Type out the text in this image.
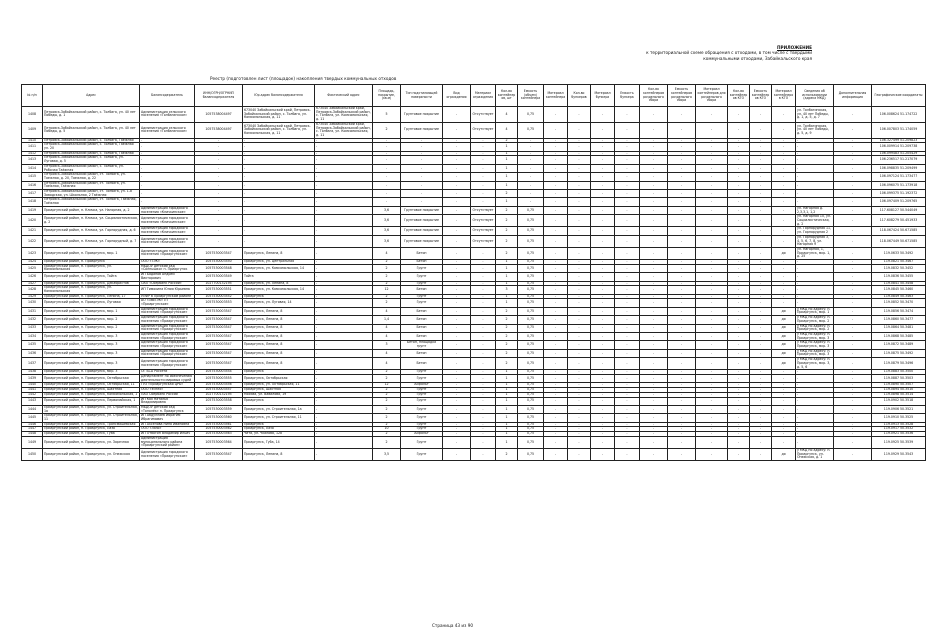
ПРИЛОЖЕНИЕ
к территориальной схеме обращения с отходами, в том числе с твердыми
коммунальными отходами, Забайкальского края
Реестр (подготовлен лист (площадок) накопления твердых коммунальных отходов
№ п/п	Адрес	Балансодержатель	ИНН/ОГРН/ОГРНИП балансодержателя	Юр.адрес балансодержателя	Фактический адрес	Площадь, покрытие, (кв.м)	Тип подстилающей поверхности	Вид ограждения	Материал ограждения	Кол-во контейнеров, шт	Емкость (объем) контейнера	Материал контейнера	Кол-во бункеров	Материал бункера	Емкость бункера	Кол-во контейнеров раздельного сбора	Емкость контейнеров раздельного сбора	Материал контейнеров для раздельного сбора	Кол-во контейнеров КГО	Емкость контейнеров КГО	Материал контейнеров КГО	Сведения об использовании (адреса МКД)	Дополнительная информация	Географические координаты
1408	Петровск-Забайкальский район, с. Толбага, ул. 40 лет Победы, д. 1	Администрация сельского поселения «Толбагинское»	1057538004497	673040 Забайкальский край, Петровск-Забайкальский район, с. Толбага, ул. Комсомольская, д. 11	673040 Забайкальский край, Петровск-Забайкальский район, с. Толбага, ул. Комсомольская, д. 11	5	Грунтовое покрытие	-	Отсутствует	4	0,75	-	-	-	-	-	-	-	-	-	-	ул. Толбагинская, ул. 40 лет Победы, д. 1, д. 5, д. 7	-	106.008624 51.174722
1409	Петровск-Забайкальский район, с. Толбага, ул. 40 лет Победы, д. 5	Администрация сельского поселения «Толбагинское»	1057538004497	673040 Забайкальский край, Петровск-Забайкальский район, с. Толбага, ул. Комсомольская, д. 11	673040 Забайкальский край, Петровск-Забайкальский район, с. Толбага, ул. Комсомольская, д. 11	2	Грунтовое покрытие	-	Отсутствует	4	0,75	-	-	-	-	-	-	-	-	-	-	ул. Толбагинская, ул. 40 лет Победы, д. 5, д. 9	-	106.007803 51.174059
1410	Петровск-Забайкальский район, с. Толбага, Таёжная	-	-	-	-	-	-	-	-	2	-	-	-	-	-	-	-	-	-	-	-	-	-	106.327499 51.209823
1411	Петровск-Забайкальский район, с. Толбага, Таёжная ул. 20	-	-	-	-	-	-	-	-	1	-	-	-	-	-	-	-	-	-	-	-	-	-	106.009914 51.209738
1412	Петровск-Забайкальский район, с. Толбага, Таёжная	-	-	-	-	-	-	-	-	1	-	-	-	-	-	-	-	-	-	-	-	-	-	106.099483 51.205429
1413	Петровск-Забайкальский район, с. Толбага, ул. Луговая, д. 5	-	-	-	-	-	-	-	-	1	-	-	-	-	-	-	-	-	-	-	-	-	-	106.236517 51.217079
1414	Петровск-Забайкальский район, с. Толбага, ул. Рабочая Таёжная	-	-	-	-	-	-	-	-	1	-	-	-	-	-	-	-	-	-	-	-	-	-	106.098835 51.209499
1415	Петровск-Забайкальский район, ст. Толбага, ул. Таежная, д. 20, Таежная, д. 22	-	-	-	-	-	-	-	-	1	-	-	-	-	-	-	-	-	-	-	-	-	-	106.097124 51.173477
1416	Петровск-Забайкальский район, ст. Толбага, ул. Таежная, Таёжная	-	-	-	-	-	-	-	-	1	-	-	-	-	-	-	-	-	-	-	-	-	-	106.096075 51.173918
1417	Петровск-Забайкальский район, ст. Толбага, ул. 1-я Заводская, ул. Школьная, 2 Таёжная	-	-	-	-	-	-	-	-	2	-	-	-	-	-	-	-	-	-	-	-	-	-	106.099375 51.192372
1418	Петровск-Забайкальский район, ст. Толбага, Таёжная, Таёжная	-	-	-	-	-	-	-	-	1	-	-	-	-	-	-	-	-	-	-	-	-	-	106.097409 51.209765
1419	Приаргунский район, п. Кличка, ул. Нагорная, д. 2	Администрация городского поселения «Кличкинское»	-	-	-	3,6	Грунтовое покрытие	-	Отсутствует	2	0,75	-	-	-	-	-	-	-	-	-	-	ул. Нагорная д. 2,3,3,1, 1,2	-	117.608127 50.544049
1420	Приаргунский район, п. Кличка, ул. Социалистическая, д. 2	Администрация городского поселения «Кличкинское»	-	-	-	3,6	Грунтовое покрытие	-	Отсутствует	2	0,75	-	-	-	-	-	-	-	-	-	-	ул. Нагорная 10, ул. Социалистическая, д. 2	-	117.608279 50.451933
1421	Приаргунский район, п. Кличка, ул. Горнорудная, д. 6	Администрация городского поселения «Кличкинское»	-	-	-	3,6	Грунтовое покрытие	-	Отсутствует	2	0,75	-	-	-	-	-	-	-	-	-	-	ул. Горнорудная 11, ул. Горнорудная 2	-	118.067424 50.671585
1422	Приаргунский район, п. Кличка, ул. Горнорудный, д. 7	Администрация городского поселения «Кличкинское»	-	-	-	3,6	Грунтовое покрытие	-	Отсутствует	2	0,75	-	-	-	-	-	-	-	-	-	-	ул. Горнорудная 3, 4, 5, 6, 7, 8, ул. Нагорная 9	-	118.067449 50.671585
1423	Приаргунский район, п. Приаргунск, мкр. 1	Администрация городского поселения «Приаргунское»	1057530003547	Приаргунск, Ленина, 8	-	4	Бетон	-	-	2	0,75	-	-	-	-	-	-	-	-	-	дя	ул. Нагорная, 1, Приаргунск, мкр. 1, д. 25	-	119.0633 50.3492
1424	Приаргунский район, п. Приаргунск	ООО «ТЭК»	1057530003550	Приаргунск, ул. Центральная	-	2	Бетон	-	-	1	0,75	-	-	-	-	-	-	-	-	-	-	-	-	119.0821 50.3467
1425	Приаргунский район, п. Приаргунск, ул. Комсомольская	МБДОУ детский сад «Солнышко» п. Приаргунск	1057530003548	Приаргунск, ул. Комсомольская, 14	-	2	Грунт	-	-	1	0,75	-	-	-	-	-	-	-	-	-	-	-	-	119.0832 50.3452
1426	Приаргунский район, п. Приаргунск, Тайга	ИП Баданов Андрей Викторович	1057530003549	Тайга	-	2	Грунт	-	-	1	0,75	-	-	-	-	-	-	-	-	-	-	-	-	119.0836 50.3455
1427	Приаргунский район, п. Приаргунск, Декабристов	ОАО «Сбербанк России»	1027700132195	Приаргунск, ул. Ленина, 8	-	2	Грунт	-	-	1	0,75	-	-	-	-	-	-	-	-	-	-	-	-	119.0841 50.3458
1428	Приаргунский район, п. Приаргунск, ул. Комсомольская	ИП Тимохина Юлия Юрьевна	1057530003551	Приаргунск, ул. Комсомольская, 14	-	12	Бетон	-	-	3	0,75	-	-	-	-	-	-	-	-	-	-	-	-	119.0845 50.3460
1429	Приаргунский район, п. Приаргунск, Ленина, 17	УПФР в Приаргунском районе	1057530003552	Приаргунск	-	2	Грунт	-	-	1	0,75	-	-	-	-	-	-	-	-	-	-	-	-	119.0849 50.3463
1430	Приаргунский район, п. Приаргунск, Луговая	АО «ЗабТЭК» ЛТ «Приаргунское»	1057530003553	Приаргунск, ул. Луговая, 14	-	2	Грунт	-	-	1	0,75	-	-	-	-	-	-	-	-	-	-	-	-	119.0852 50.3470
1431	Приаргунский район, п. Приаргунск, мкр. 1	Администрация городского поселения «Приаргунское»	1057530003547	Приаргунск, Ленина, 8	-	4	Бетон	-	-	2	0,75	-	-	-	-	-	-	-	-	-	дя	у МКД по адресу: п. Приаргунск, мкр. 1	-	119.0856 50.3474
1432	Приаргунский район, п. Приаргунск, мкр. 2	Администрация городского поселения «Приаргунское»	1057530003547	Приаргунск, Ленина, 8	-	1,4	Бетон	-	-	2	0,75	-	-	-	-	-	-	-	-	-	дя	у МКД по адресу: п. Приаргунск, мкр. 2	-	119.0860 50.3477
1433	Приаргунский район, п. Приаргунск, мкр. 2	Администрация городского поселения «Приаргунское»	1057530003547	Приаргунск, Ленина, 8	-	4	Бетон	-	-	2	0,75	-	-	-	-	-	-	-	-	-	дя	у МКД по адресу: п. Приаргунск, мкр. 2	-	119.0864 50.3481
1434	Приаргунский район, п. Приаргунск, мкр. 3	Администрация городского поселения «Приаргунское»	1057530003547	Приаргунск, Ленина, 8	-	4	Бетон	-	-	2	0,75	-	-	-	-	-	-	-	-	-	дя	у МКД по адресу: п. Приаргунск, мкр. 3	-	119.0868 50.3485
1435	Приаргунский район, п. Приаргунск, мкр. 3	Администрация городского поселения «Приаргунское»	1057530003547	Приаргунск, Ленина, 8	-	3	Бетон, площадка грунт	-	-	2	0,75	-	-	-	-	-	-	-	-	-	дя	у МКД по адресу: п. Приаргунск, мкр. 3	-	119.0872 50.3489
1436	Приаргунский район, п. Приаргунск, мкр. 3	Администрация городского поселения «Приаргунское»	1057530003547	Приаргунск, Ленина, 8	-	4	Бетон	-	-	2	0,75	-	-	-	-	-	-	-	-	-	дя	у МКД по адресу: п. Приаргунск, мкр. 3	-	119.0875 50.3492
1437	Приаргунский район, п. Приаргунск, мкр. 3	Администрация городского поселения «Приаргунское»	1057530003547	Приаргунск, Ленина, 8	-	4	Бетон	-	-	2	0,75	-	-	-	-	-	-	-	-	-	дя	у МКД по адресу: п. Приаргунск, мкр. 3, д. 5, 6	-	119.0879 50.3496
1438	Приаргунский район, п. Приаргунск, мкр. 3	ОГ БСА Россети	1057530003554	Приаргунск	-	2	Грунт	-	-	1	0,75	-	-	-	-	-	-	-	-	-	-	-	-	119.0883 50.3500
1439	Приаргунский район, п. Приаргунск, Октябрьская	Департамент по обеспечению деятельности мировых судей	1057530003555	Приаргунск, Октябрьская	-	2	Грунт	-	-	1	0,75	-	-	-	-	-	-	-	-	-	-	-	-	119.0887 50.3503
1440	Приаргунский район, п. Приаргунск, Октябрьская, 11	ГУЗ «Приаргунская ЦРБ»	1057530003556	Приаргунск, ул. Октябрьская, 11	-	12	Асфальт	-	-	1	0,75	-	-	-	-	-	-	-	-	-	-	-	-	119.0890 50.3507
1441	Приаргунский район, п. Приаргунск, Шахтная	ООО «Успех»	1057530003557	Приаргунск, Шахтная	-	2	Грунт	-	-	1	0,75	-	-	-	-	-	-	-	-	-	-	-	-	119.0894 50.3510
1442	Приаргунский район, п. Приаргунск, Комсомольская, 1	ПАО Сбербанк России	1027700132195	Москва, ул. Вавилова, 19	-	2	Грунт	-	-	1	0,75	-	-	-	-	-	-	-	-	-	-	-	-	119.0898 50.3514
1443	Приаргунский район, п. Приаргунск, Первомайская, 1	ИП Кох Наталья Владимировна	1057530003558	Приаргунск	-	2	Грунт	-	-	1	0,75	-	-	-	-	-	-	-	-	-	-	-	-	119.0902 50.3518
1444	Приаргунский район, п. Приаргунск, ул. Строительная, 1а	МБДОУ детский сад «Тополёк» п. Приаргунск	1057530003559	Приаргунск, ул. Строительная, 1а	-	2	Грунт	-	-	1	0,75	-	-	-	-	-	-	-	-	-	-	-	-	119.0906 50.3521
1445	Приаргунский район, п. Приаргунск, ул. Строительная, 11	ИП Абдуллаев Ибрагим Ибрагимович	1057530003560	Приаргунск, ул. Строительная, 11	-	2	Грунт	-	-	1	0,75	-	-	-	-	-	-	-	-	-	-	-	-	119.0910 50.3525
1446	Приаргунский район, п. Приаргунск, Трансмашевская	ИП Аксенова Нина Ивановна	1057530003561	Приаргунск	-	2	Грунт	-	-	1	0,75	-	-	-	-	-	-	-	-	-	-	-	-	119.0913 50.3528
1447	Приаргунский район, п. Приаргунск, Лазо	ООО «Лазо»	1057530003562	Приаргунск, Лазо	-	10	Грунт	-	-	1	0,75	-	-	-	-	-	-	-	-	-	-	-	-	119.0917 50.3532
1448	Приаргунский район, п. Приаргунск, Губа	ИП Отвагин Владимир Ильич	1057530003563	Чита, ул. Чкалова, 12а	-	2	Асфальт	-	-	1	0,75	-	-	-	-	-	-	-	-	-	-	-	-	119.0921 50.3536
1449	Приаргунский район, п. Приаргунск, ул. Заречная	Администрация муниципального района «Приаргунский район»	1057530003564	Приаргунск, Губа, 14	-	2	Грунт	-	-	1	0,75	-	-	-	-	-	-	-	-	-	-	-	-	119.0925 50.3539
1450	Приаргунский район, п. Приаргунск, ул. Онежская	Администрация городского поселения «Приаргунское»	1057530003547	Приаргунск, Ленина, 8	-	3,5	Грунт	-	-	2	0,75	-	-	-	-	-	-	-	-	-	дя	у МКД по адресу: п. Приаргунск, ул. Онежская, д. 1	-	119.0929 50.3543
Страница 43 из 90
